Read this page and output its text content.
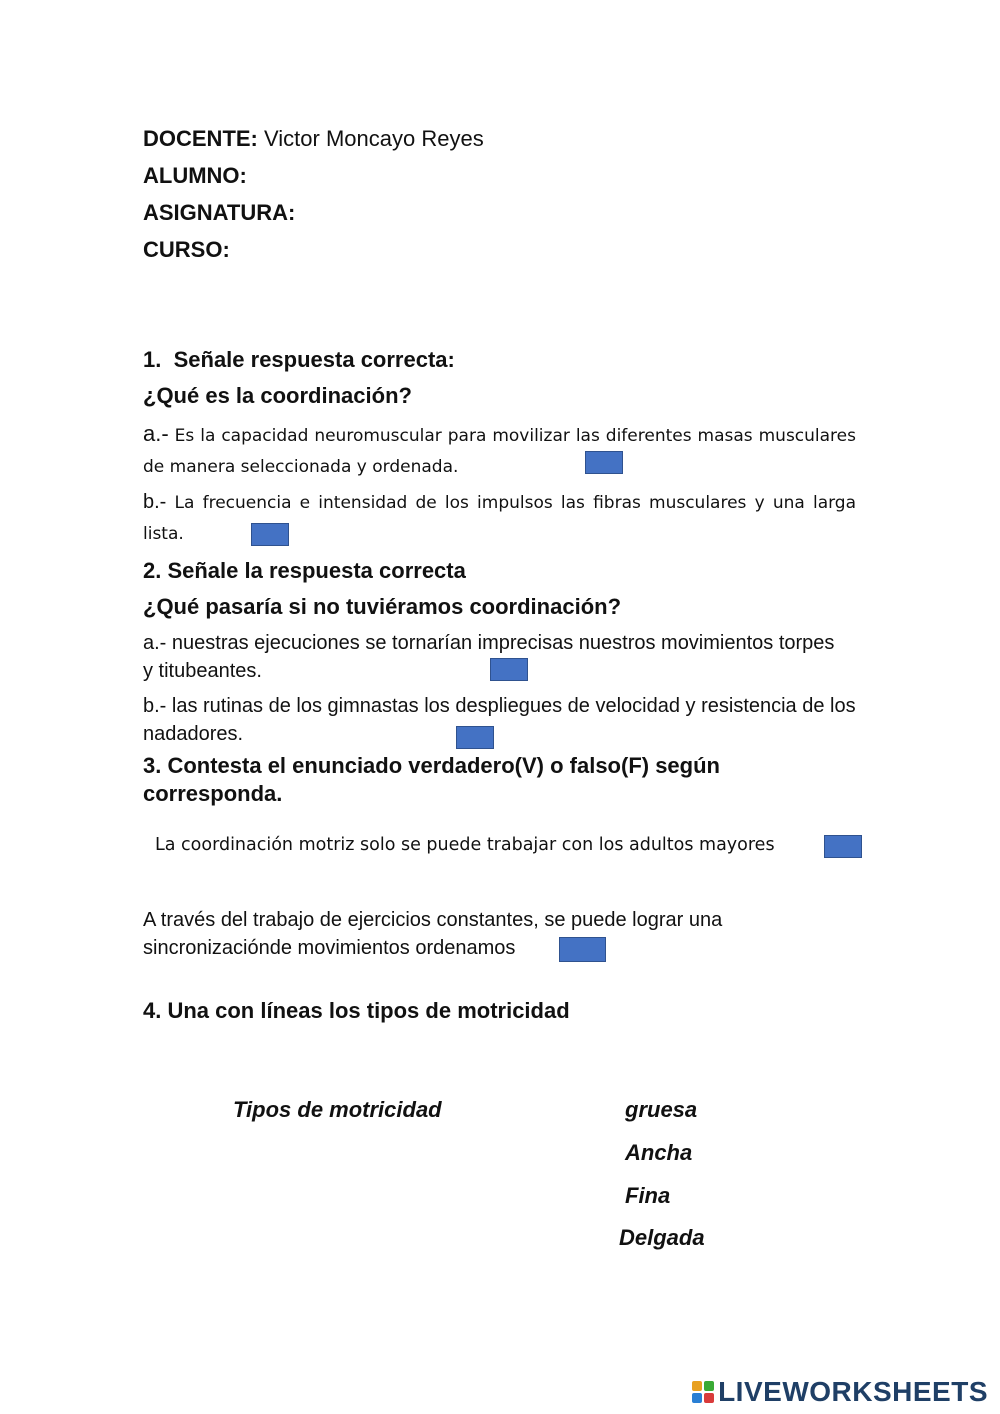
DOCENTE: Victor Moncayo Reyes
ALUMNO:
ASIGNATURA:
CURSO:
1. Señale respuesta correcta:
¿Qué es la coordinación?
a.- Es la capacidad neuromuscular para movilizar las diferentes masas musculares de manera seleccionada y ordenada.
b.- La frecuencia e intensidad de los impulsos las fibras musculares y una larga lista.
2. Señale la respuesta correcta
¿Qué pasaría si no tuviéramos coordinación?
a.- nuestras ejecuciones se tornarían imprecisas nuestros movimientos torpes y titubeantes.
b.- las rutinas de los gimnastas los despliegues de velocidad y resistencia de los nadadores.
3. Contesta el enunciado verdadero(V) o falso(F) según corresponda.
La coordinación motriz solo se puede trabajar con los adultos mayores
A través del trabajo de ejercicios constantes, se puede lograr una sincronizacióndе movimientos ordenamos
4. Una con líneas los tipos de motricidad
Tipos de motricidad	gruesa
Ancha
Fina
Delgada
LIVEWORKSHEETS
